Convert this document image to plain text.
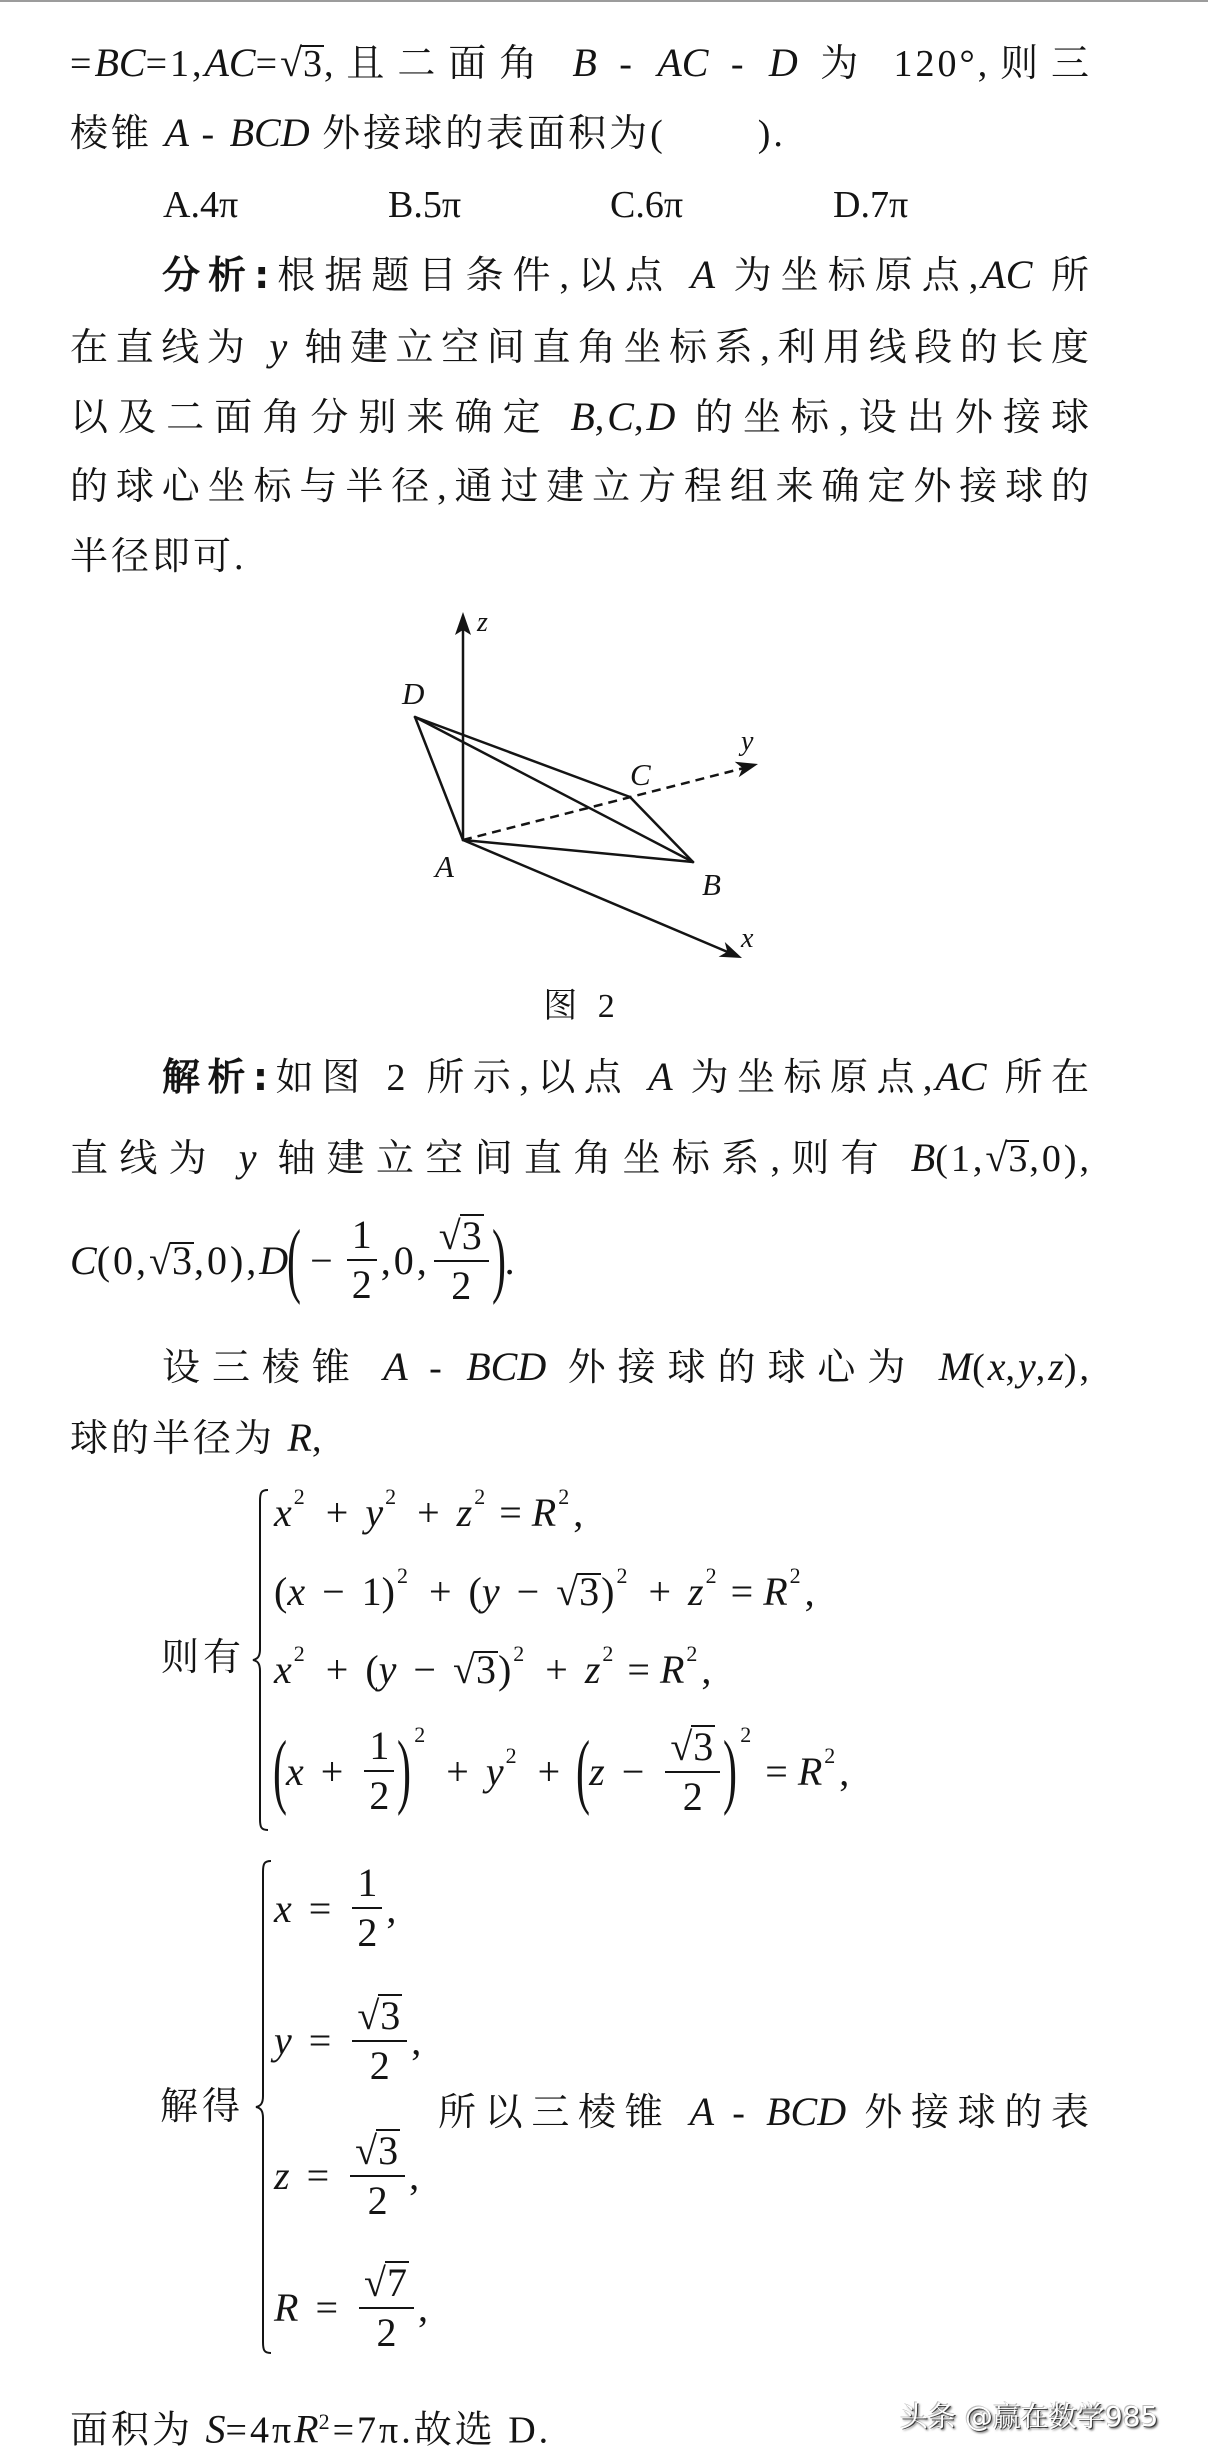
=BC=1,AC= √ 3,且二面角 B - AC - D 为 120°,则三
棱锥 A - BCD 外接球的表面积为( ).
A.4π	B.5π	C.6π	D.7π
分析:根据题目条件,以点 A 为坐标原点,AC 所
在直线为 y 轴建立空间直角坐标系,利用线段的长度
以及二面角分别来确定 B,C,D 的坐标,设出外接球
的球心坐标与半径,通过建立方程组来确定外接球的
半径即可.
z
D
C
y
A
B
x
图 2
解析:如图 2 所示,以点 A 为坐标原点,AC 所在
直线为 y 轴建立空间直角坐标系,则有 B(1, √ 3,0),
C (0, √ 3 ,0), D
( − $\frac{1}{2} ,0$, √ $\frac{3}{2}$ )
.
设三棱锥 A - BCD 外接球的球心为 M(x,y,z),
球的半径为 R,
则有
x 2 + y 2 + z 2 = R 2 ,
( x − 1 ) 2 + ( y − √ 3 ) 2 + z 2 = R 2 ,
x 2 + ( y − √ 3 ) 2 + z 2 = R 2 ,
(
$x + \frac{1}{2}$ ) 2
+ y 2 + (
z − √ $\frac{3}{2}$ ) 2
= R 2 ,
解得
$x = \frac{1}{2}$ ,
y = √ $\frac{3}{2}$ ,
z = √ $\frac{3}{2}$ ,
R = √ $\frac{7}{2}$ ,
所以三棱锥 A - BCD 外接球的表
面积为 $S=4\pi R^2=7\pi$.故选 D.	头条 @赢在数学985
